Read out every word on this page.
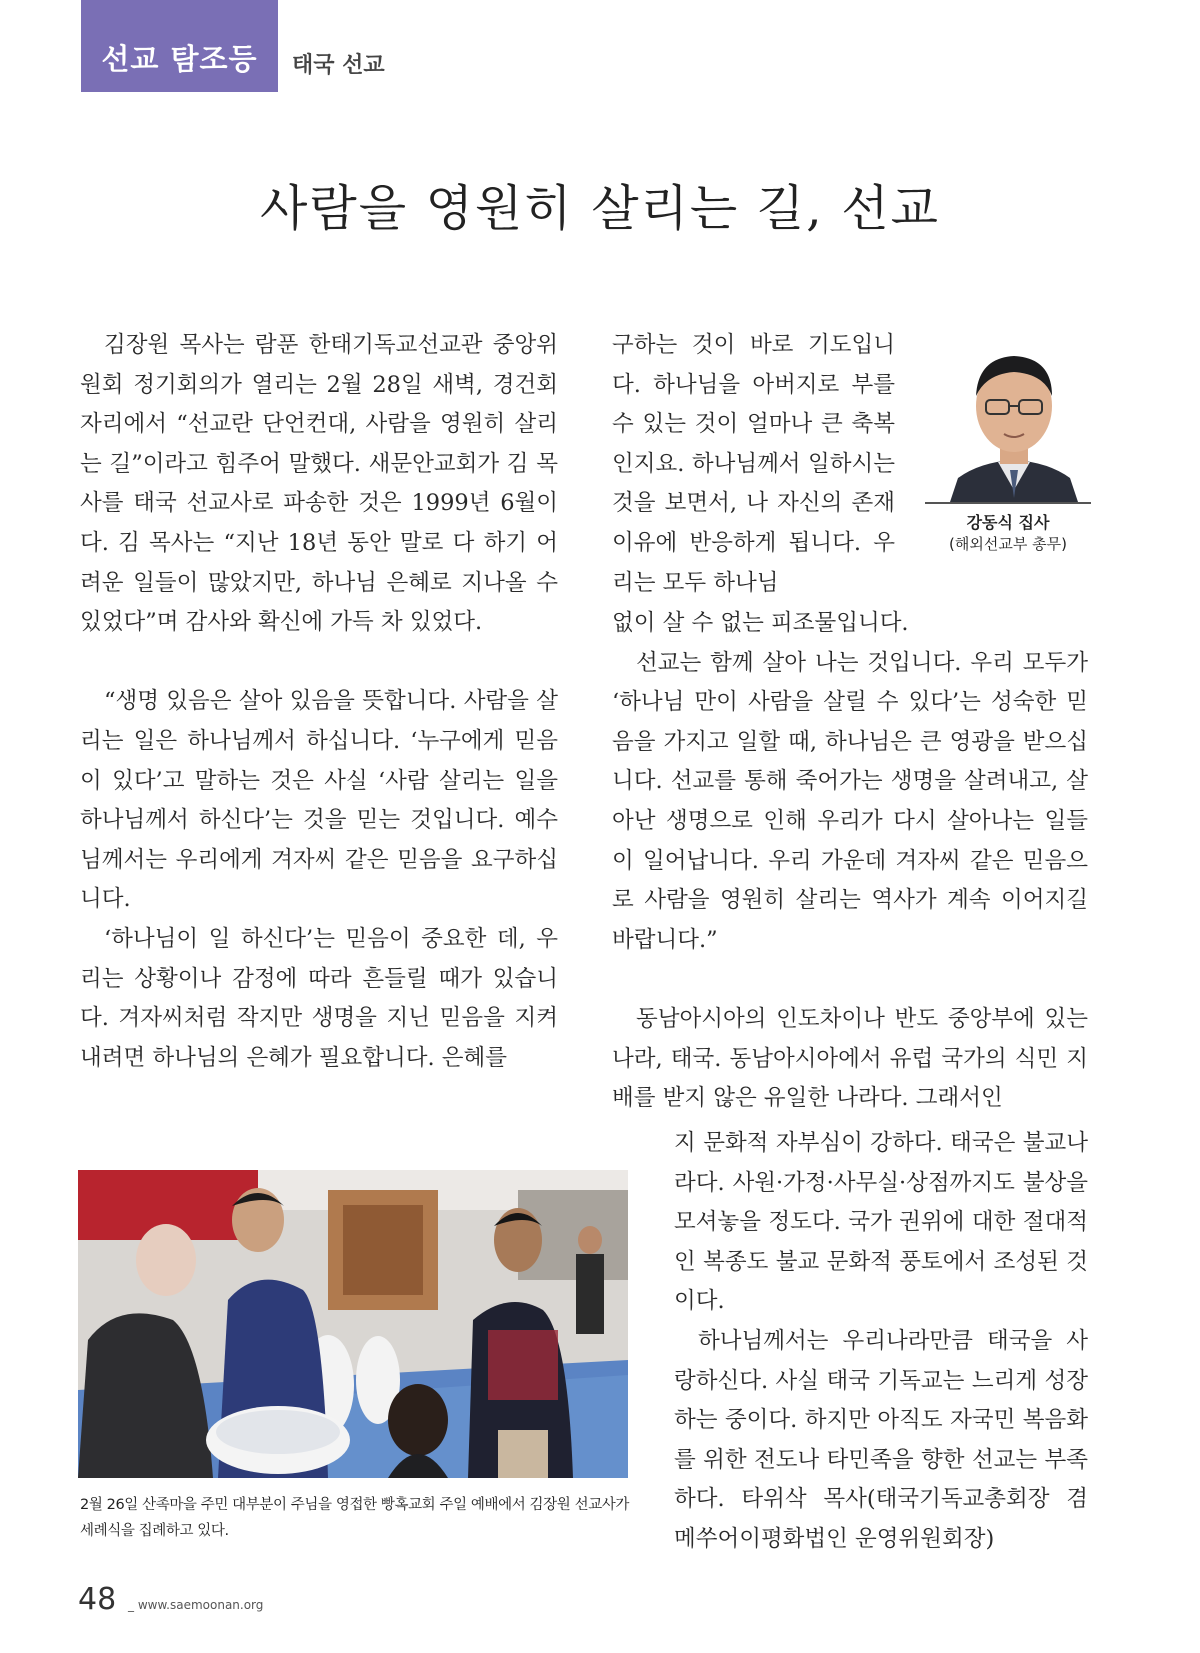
선교 탐조등	태국 선교
사람을 영원히 살리는 길, 선교

김장원 목사는 람푼 한태기독교선교관 중앙위원회 정기회의가 열리는 2월 28일 새벽, 경건회 자리에서 “선교란 단언컨대, 사람을 영원히 살리는 길”이라고 힘주어 말했다. 새문안교회가 김 목사를 태국 선교사로 파송한 것은 1999년 6월이다. 김 목사는 “지난 18년 동안 말로 다 하기 어려운 일들이 많았지만, 하나님 은혜로 지나올 수 있었다”며 감사와 확신에 가득 차 있었다.

“생명 있음은 살아 있음을 뜻합니다. 사람을 살리는 일은 하나님께서 하십니다. ‘누구에게 믿음이 있다’고 말하는 것은 사실 ‘사람 살리는 일을 하나님께서 하신다’는 것을 믿는 것입니다. 예수님께서는 우리에게 겨자씨 같은 믿음을 요구하십니다.

‘하나님이 일 하신다’는 믿음이 중요한 데, 우리는 상황이나 감정에 따라 흔들릴 때가 있습니다. 겨자씨처럼 작지만 생명을 지닌 믿음을 지켜 내려면 하나님의 은혜가 필요합니다. 은혜를

구하는 것이 바로 기도입니다. 하나님을 아버지로 부를 수 있는 것이 얼마나 큰 축복인지요. 하나님께서 일하시는 것을 보면서, 나 자신의 존재 이유에 반응하게 됩니다. 우리는 모두 하나님

없이 살 수 없는 피조물입니다.

선교는 함께 살아 나는 것입니다. 우리 모두가 ‘하나님 만이 사람을 살릴 수 있다’는 성숙한 믿음을 가지고 일할 때, 하나님은 큰 영광을 받으십니다. 선교를 통해 죽어가는 생명을 살려내고, 살아난 생명으로 인해 우리가 다시 살아나는 일들이 일어납니다. 우리 가운데 겨자씨 같은 믿음으로 사람을 영원히 살리는 역사가 계속 이어지길 바랍니다.”

동남아시아의 인도차이나 반도 중앙부에 있는 나라, 태국. 동남아시아에서 유럽 국가의 식민 지배를 받지 않은 유일한 나라다. 그래서인

지 문화적 자부심이 강하다. 태국은 불교나라다. 사원·가정·사무실·상점까지도 불상을 모셔놓을 정도다. 국가 권위에 대한 절대적인 복종도 불교 문화적 풍토에서 조성된 것이다.

하나님께서는 우리나라만큼 태국을 사랑하신다. 사실 태국 기독교는 느리게 성장하는 중이다. 하지만 아직도 자국민 복음화를 위한 전도나 타민족을 향한 선교는 부족하다. 타위삭 목사(태국기독교총회장 겸 메쑤어이평화법인 운영위원회장)

강동식 집사
(해외선교부 총무)
2월 26일 산족마을 주민 대부분이 주님을 영접한 빵혹교회 주일 예배에서 김장원 선교사가 세례식을 집례하고 있다.
48 _ www.saemoonan.org
